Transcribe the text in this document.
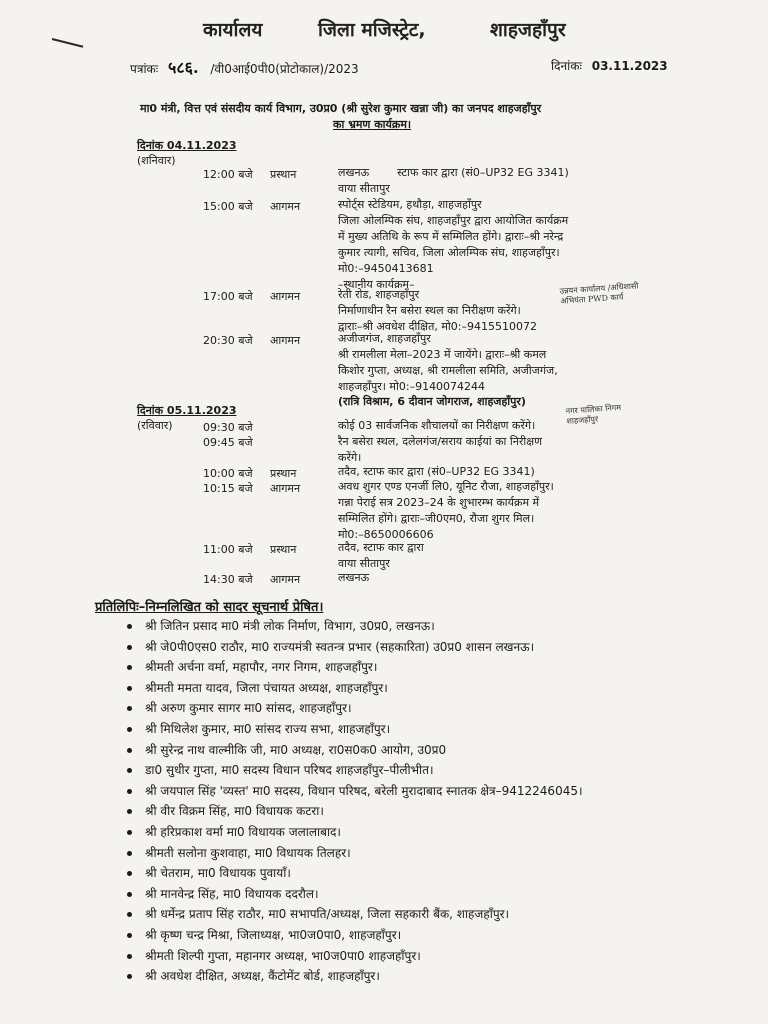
कार्यालय	जिला मजिस्ट्रेट,	शाहजहाँपुर
पत्रांकः ५८६. /वी0आई0पी0(प्रोटोकाल)/2023	दिनांकः 03.11.2023
मा0 मंत्री, वित्त एवं संसदीय कार्य विभाग, उ0प्र0 (श्री सुरेश कुमार खन्ना जी) का जनपद शाहजहाँपुर
का भ्रमण कार्यक्रम।
दिनांक 04.11.2023
(शनिवार)
12:00 बजे प्रस्थान	लखनऊ        स्टाफ कार द्वारा (सं0–UP32 EG 3341)
वाया सीतापुर
15:00 बजे आगमन	स्पोर्ट्स स्टेडियम, हथौड़ा, शाहजहाँपुर
जिला ओलम्पिक संघ, शाहजहाँपुर द्वारा आयोजित कार्यक्रम
में मुख्य अतिथि के रूप में सम्मिलित होंगे। द्वाराः–श्री नरेन्द्र
कुमार त्यागी, सचिव, जिला ओलम्पिक संघ, शाहजहाँपुर।
मो0:–9450413681
–स्थानीय कार्यक्रम–
17:00 बजे आगमन	रेती रोड, शाहजहाँपुर
निर्माणाधीन रैन बसेरा स्थल का निरीक्षण करेंगे।
द्वाराः–श्री अवधेश दीक्षित, मो0:–9415510072
20:30 बजे आगमन	अजीजगंज, शाहजहाँपुर
श्री रामलीला मेला–2023 में जायेंगे। द्वाराः–श्री कमल
किशोर गुप्ता, अध्यक्ष, श्री रामलीला समिति, अजीजगंज,
शाहजहाँपुर। मो0:–9140074244
(रात्रि विश्राम, 6 दीवान जोगराज, शाहजहाँपुर)
दिनांक 05.11.2023
(रविवार)	09:30 बजे	कोई 03 सार्वजनिक शौचालयों का निरीक्षण करेंगे।
09:45 बजे	रैन बसेरा स्थल, दलेलगंज/सराय काईयां का निरीक्षण
करेंगे।
10:00 बजे प्रस्थान	तदैव, स्टाफ कार द्वारा (सं0–UP32 EG 3341)
10:15 बजे आगमन	अवध शुगर एण्ड एनर्जी लि0, यूनिट रौजा, शाहजहाँपुर।
गन्ना पेराई सत्र 2023–24 के शुभारम्भ कार्यक्रम में
सम्मिलित होंगे। द्वाराः–जी0एम0, रौजा शुगर मिल।
मो0:–8650006606
11:00 बजे प्रस्थान	तदैव, स्टाफ कार द्वारा
वाया सीतापुर
14:30 बजे आगमन	लखनऊ
उन्नयन कार्यालय /अधिशासी अभियंता PWD कार्य
नगर पालिका निगम शाहजहाँपुर
प्रतिलिपिः–निम्नलिखित को सादर सूचनार्थ प्रेषित।
श्री जितिन प्रसाद मा0 मंत्री लोक निर्माण, विभाग, उ0प्र0, लखनऊ।
श्री जे0पी0एस0 राठौर, मा0 राज्यमंत्री स्वतन्त्र प्रभार (सहकारिता) उ0प्र0 शासन लखनऊ।
श्रीमती अर्चना वर्मा, महापौर, नगर निगम, शाहजहाँपुर।
श्रीमती ममता यादव, जिला पंचायत अध्यक्ष, शाहजहाँपुर।
श्री अरुण कुमार सागर मा0 सांसद, शाहजहाँपुर।
श्री मिथिलेश कुमार, मा0 सांसद राज्य सभा, शाहजहाँपुर।
श्री सुरेन्द्र नाथ वाल्मीकि जी, मा0 अध्यक्ष, रा0स0क0 आयोग, उ0प्र0
डा0 सुधीर गुप्ता, मा0 सदस्य विधान परिषद शाहजहाँपुर–पीलीभीत।
श्री जयपाल सिंह 'व्यस्त' मा0 सदस्य, विधान परिषद, बरेली मुरादाबाद स्नातक क्षेत्र–9412246045।
श्री वीर विक्रम सिंह, मा0 विधायक कटरा।
श्री हरिप्रकाश वर्मा मा0 विधायक जलालाबाद।
श्रीमती सलोना कुशवाहा, मा0 विधायक तिलहर।
श्री चेतराम, मा0 विधायक पुवायाँ।
श्री मानवेन्द्र सिंह, मा0 विधायक ददरौल।
श्री धर्मेन्द्र प्रताप सिंह राठौर, मा0 सभापति/अध्यक्ष, जिला सहकारी बैंक, शाहजहाँपुर।
श्री कृष्ण चन्द्र मिश्रा, जिलाध्यक्ष, भा0ज0पा0, शाहजहाँपुर।
श्रीमती शिल्पी गुप्ता, महानगर अध्यक्ष, भा0ज0पा0 शाहजहाँपुर।
श्री अवधेश दीक्षित, अध्यक्ष, कैंटोमेंट बोर्ड, शाहजहाँपुर।
